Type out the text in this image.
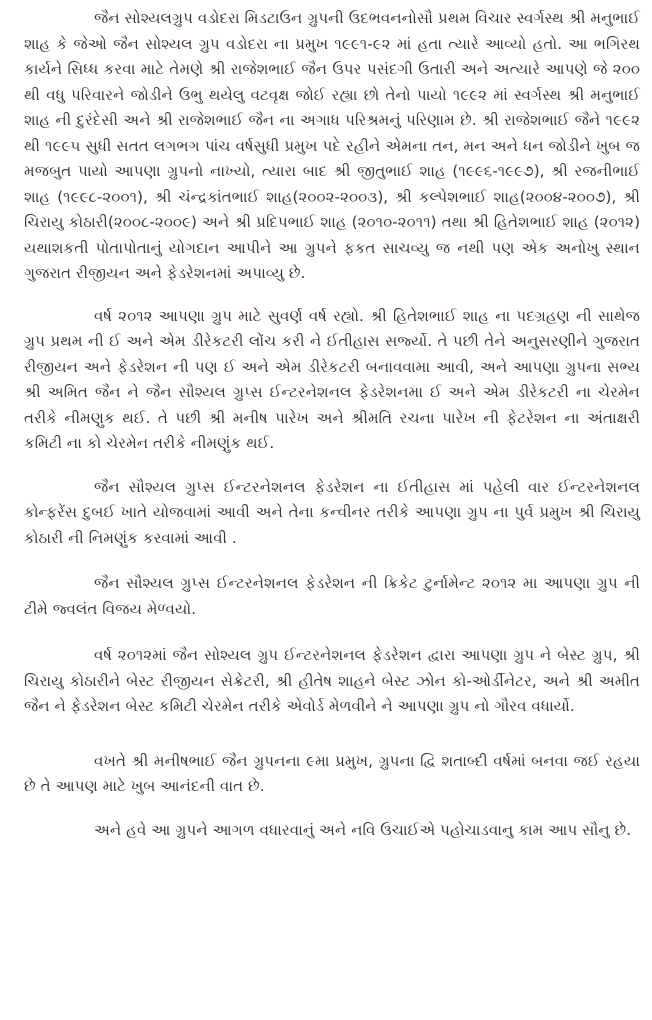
જૈન સોશ્યલગ્રુપ વડોદરા મિડટાઉન ગ્રુપની ઉદભવનનોસૌ પ્રથમ વિચાર સ્વર્ગસ્થ શ્રી મનુભાઈ શાહ કે જેઓ જૈન સોશ્યલ ગ્રુપ વડોદરા ના પ્રમુખ ૧૯૯૧-૯૨ માં હતા ત્યારે આવ્યો હતો. આ ભગિરથ કાર્યને સિધ્ધ કરવા માટે તેમણે શ્રી રાજેશભાઈ જૈન ઉપર પસંદગી ઉતારી અને અત્યારે આપણે જે ૨૦૦ થી વધુ પરિવારને જોડીને ઉભુ થયેલુ વટવૃક્ષ જોઈ રહ્યા છો તેનો પાયો ૧૯૯૨ માં સ્વર્ગસ્થ શ્રી મનુભાઈ શાહ ની દુરંદેસી અને શ્રી રાજેશભાઈ જૈન ના અગાધ પરિશ્રમનું પરિણામ છે. શ્રી રાજેશભાઈ જૈને ૧૯૯૨ થી ૧૯૯૫ સુધી સતત લગભગ પાંચ વર્ષસુધી પ્રમુખ પદે રહીને એમના તન, મન અને ધન જોડીને ખુબ જ મજબુત પાયો આપણા ગ્રુપનો નાખ્યો, ત્યારા બાદ શ્રી જીતુભાઈ શાહ (૧૯૯૬-૧૯૯૭), શ્રી રજનીભાઈ શાહ (૧૯૯૮-૨૦૦૧), શ્રી ચંન્દ્રકાંતભાઈ શાહ(૨૦૦૨-૨૦૦૩), શ્રી કલ્પેશભાઈ શાહ(૨૦૦૪-૨૦૦૭), શ્રી ચિરાયુ કોઠારી(૨૦૦૮-૨૦૦૯) અને શ્રી પ્રદિપભાઈ શાહ (૨૦૧૦-૨૦૧૧) તથા શ્રી હિતેશભાઈ શાહ (૨૦૧૨) યથાશકતી પોતાપોતાનું યોગદાન આપીને આ ગ્રુપને ફકત સાચવ્યુ જ નથી પણ એક અનોખુ સ્થાન ગુજરાત રીજીયન અને ફેડરેશનમાં અપાવ્યુ છે.

વર્ષ ૨૦૧૨ આપણા ગ્રુપ માટે સુવર્ણ વર્ષ રહ્યો. શ્રી હિતેશભાઈ શાહ ના પદગ્રહણ ની સાથેજ ગ્રુપ પ્રથમ ની ઈ અને એમ ડીરેકટરી લોંચ કરી ને ઈતીહાસ સર્જ્યો. તે પછી તેને અનુસરણીને ગુજરાત રીજીયન અને ફેડરેશન ની પણ ઈ અને એમ ડીરેકટરી બનાવવામા આવી, અને આપણા ગ્રુપના સભ્ય શ્રી અમિત જૈન ને જૈન સૌશ્યલ ગ્રુપ્સ ઈન્ટરનેશનલ ફેડરેશનમા ઈ અને એમ ડીરેકટરી ના ચેરમેન તરીકે નીમણુક થઈ. તે પછી શ્રી મનીષ પારેખ અને શ્રીમતિ રચના પારેખ ની ફેટરેશન ના અંતાક્ષરી કમિટી ના કો ચેરમેન તરીકે નીમણુંક થઈ.

જૈન સૌશ્યલ ગ્રુપ્સ ઈન્ટરનેશનલ ફેડરેશન ના ઈતીહાસ માં પહેલી વાર ઈન્ટરનેશનલ કોન્ફરેંસ દુબઈ ખાતે યોજવામાં આવી અને તેના કન્વીનર તરીકે આપણા ગ્રુપ ના પુર્વ પ્રમુખ શ્રી ચિરાયુ કોઠારી ની નિમણુંક કરવામાં આવી .

જૈન સૌશ્યલ ગ્રુપ્સ ઈન્ટરનેશનલ ફેડરેશન ની ક્રિકેટ ટુર્નામેન્ટ ૨૦૧૨ મા આપણા ગ્રુપ ની ટીમે જ્વલંત વિજય મેળ્વયો.

વર્ષ ૨૦૧૨માં જૈન સોશ્યલ ગ્રુપ ઈન્ટરનેશનલ ફેડરેશન દ્વારા આપણા ગ્રુપ ને બેસ્ટ ગ્રુપ, શ્રી ચિરાયુ કોઠારીને બેસ્ટ રીજીયન સેક્રેટરી, શ્રી હીતેષ શાહને બેસ્ટ ઝોન કો-ઓર્ડીનેટર, અને શ્રી અમીત જૈન ને ફેડરેશન બેસ્ટ કમિટી ચેરમેન તરીકે એવોર્ડ મેળવીને ને આપણા ગ્રુપ નો ગૌરવ વધાર્યો.

વખતે શ્રી મનીષભાઈ જૈન ગ્રુપનના ૯મા પ્રમુખ, ગ્રુપના દ્વિ શતાબ્દી વર્ષમાં બનવા જઈ રહયા છે તે આપણ માટે ખુબ આનંદની વાત છે.

અને હવે આ ગ્રુપને આગળ વધારવાનું અને નવિ ઉચાઈએ પહોચાડવાનુ કામ આપ સૌનુ છે.
